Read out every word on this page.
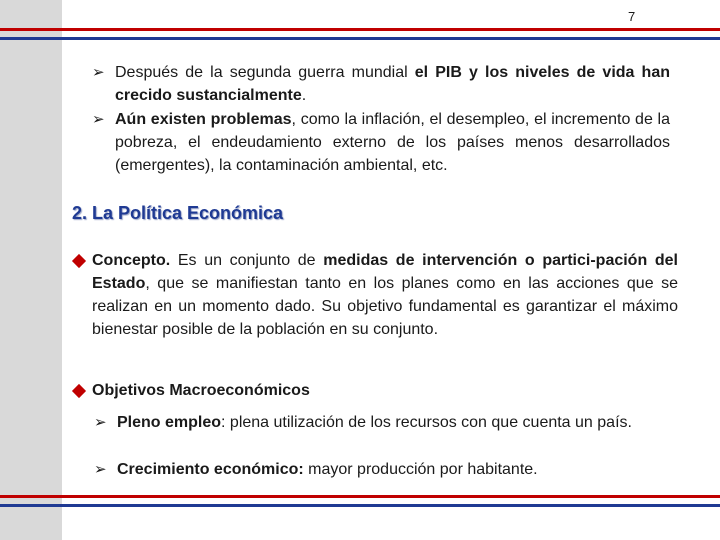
7
➢ Después de la segunda guerra mundial el PIB y los niveles de vida han crecido sustancialmente.
➢ Aún existen problemas, como la inflación, el desempleo, el incremento de la pobreza, el endeudamiento externo de los países menos desarrollados (emergentes), la contaminación ambiental, etc.
2. La Política Económica
Concepto. Es un conjunto de medidas de intervención o partici-pación del Estado, que se manifiestan tanto en los planes como en las acciones que se realizan en un momento dado. Su objetivo fundamental es garantizar el máximo bienestar posible de la población en su conjunto.
Objetivos Macroeconómicos
➢ Pleno empleo: plena utilización de los recursos con que cuenta un país.
➢ Crecimiento económico: mayor producción por habitante.
